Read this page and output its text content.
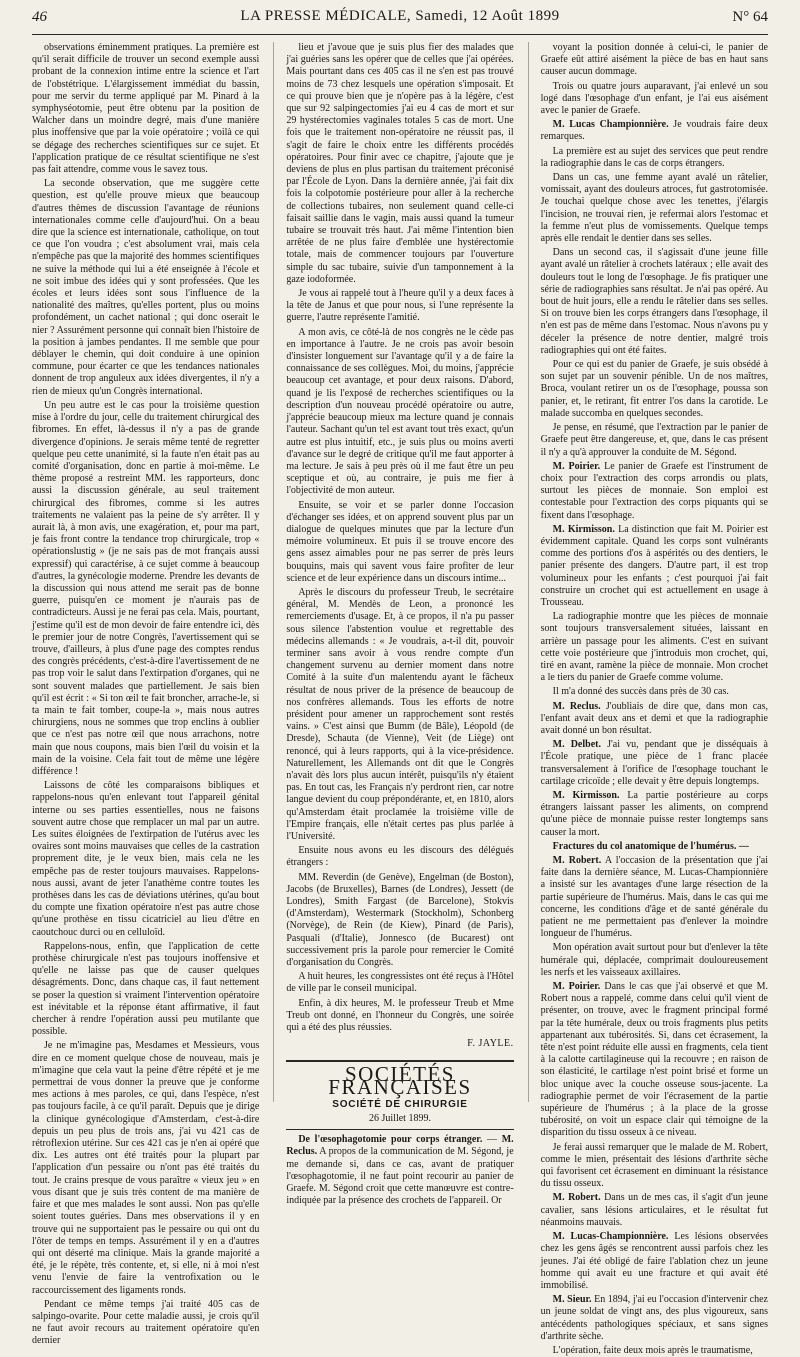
46	LA PRESSE MÉDICALE, Samedi, 12 Août 1899	N° 64

observations éminemment pratiques. La première est qu'il serait difficile de trouver un second exemple aussi probant de la connexion intime entre la science et l'art de l'obstétrique. L'élargissement immédiat du bassin, pour me servir du terme appliqué par M. Pinard à la symphyséotomie, peut être obtenu par la position de Walcher dans un moindre degré, mais d'une manière plus inoffensive que par la voie opératoire ; voilà ce qui se dégage des recherches scientifiques sur ce sujet. Et l'application pratique de ce résultat scientifique ne s'est pas fait attendre, comme vous le savez tous.

La seconde observation, que me suggère cette question, est qu'elle prouve mieux que beaucoup d'autres thèmes de discussion l'avantage de réunions internationales comme celle d'aujourd'hui. On a beau dire que la science est internationale, catholique, on tout ce que l'on voudra ; c'est absolument vrai, mais cela n'empêche pas que la majorité des hommes scientifiques ne suive la méthode qui lui a été enseignée à l'école et ne soit imbue des idées qui y sont professées. Que les écoles et leurs idées sont sous l'influence de la nationalité des maîtres, qu'elles portent, plus ou moins profondément, un cachet national ; qui donc oserait le nier ? Assurément personne qui connaît bien l'histoire de la position à jambes pendantes. Il me semble que pour déblayer le chemin, qui doit conduire à une opinion commune, pour écarter ce que les tendances nationales donnent de trop anguleux aux idées divergentes, il n'y a rien de mieux qu'un Congrès international.

Un peu autre est le cas pour la troisième question mise à l'ordre du jour, celle du traitement chirurgical des fibromes. En effet, là-dessus il n'y a pas de grande divergence d'opinions. Je serais même tenté de regretter quelque peu cette unanimité, si la faute n'en était pas au comité d'organisation, donc en partie à moi-même. Le thème proposé a restreint MM. les rapporteurs, donc aussi la discussion générale, au seul traitement chirurgical des fibromes, comme si les autres traitements ne valaient pas la peine de s'y arrêter. Il y aurait là, à mon avis, une exagération, et, pour ma part, je fais front contre la tendance trop chirurgicale, trop « opérationslustig » (je ne sais pas de mot français aussi expressif) qui caractérise, à ce sujet comme à beaucoup d'autres, la gynécologie moderne. Prendre les devants de la discussion qui nous attend me serait pas de bonne guerre, puisqu'en ce moment je n'aurais pas de contradicteurs. Aussi je ne ferai pas cela. Mais, pourtant, j'estime qu'il est de mon devoir de faire entendre ici, dès le premier jour de notre Congrès, l'avertissement qui se trouve, d'ailleurs, à plus d'une page des comptes rendus des congrès précédents, c'est-à-dire l'avertissement de ne pas trop voir le salut dans l'extirpation d'organes, qui ne sont souvent malades que partiellement. Je sais bien qu'il est écrit : « Si ton œil te fait broncher, arrache-le, si ta main te fait tomber, coupe-la », mais nous autres chirurgiens, nous ne sommes que trop enclins à oublier que ce n'est pas notre œil que nous arrachons, notre main que nous coupons, mais bien l'œil du voisin et la main de la voisine. Cela fait tout de même une légère différence !

Laissons de côté les comparaisons bibliques et rappelons-nous qu'en enlevant tout l'appareil génital interne ou ses parties essentielles, nous ne faisons souvent autre chose que remplacer un mal par un autre. Les suites éloignées de l'extirpation de l'utérus avec les ovaires sont moins mauvaises que celles de la castration proprement dite, je le veux bien, mais cela ne les empêche pas de rester toujours mauvaises. Rappelons-nous aussi, avant de jeter l'anathème contre toutes les prothèses dans les cas de déviations utérines, qu'au bout du compte une fixation opératoire n'est pas autre chose qu'une prothèse en tissu cicatriciel au lieu d'être en caoutchouc durci ou en celluloïd.

Rappelons-nous, enfin, que l'application de cette prothèse chirurgicale n'est pas toujours inoffensive et qu'elle ne laisse pas que de causer quelques désagréments. Donc, dans chaque cas, il faut nettement se poser la question si vraiment l'intervention opératoire est inévitable et la réponse étant affirmative, il faut chercher à rendre l'opération aussi peu mutilante que possible.

Je ne m'imagine pas, Mesdames et Messieurs, vous dire en ce moment quelque chose de nouveau, mais je m'imagine que cela vaut la peine d'être répété et je me permettrai de vous donner la preuve que je conforme mes actions à mes paroles, ce qui, dans l'espèce, n'est pas toujours facile, à ce qu'il paraît. Depuis que je dirige la clinique gynécologique d'Amsterdam, c'est-à-dire depuis un peu plus de trois ans, j'ai vu 421 cas de rétroflexion utérine. Sur ces 421 cas je n'en ai opéré que dix. Les autres ont été traités pour la plupart par l'application d'un pessaire ou n'ont pas été traités du tout. Je crains presque de vous paraître « vieux jeu » en vous disant que je suis très content de ma manière de faire et que mes malades le sont aussi. Non pas qu'elle soient toutes guéries. Dans mes observations il y en trouve qui ne supportaient pas le pessaire ou qui ont du l'ôter de temps en temps. Assurément il y en a d'autres qui ont déserté ma clinique. Mais la grande majorité a été, je le répète, très contente, et, si elle, ni à moi n'est venu l'envie de faire la ventrofixation ou le raccourcissement des ligaments ronds.

Pendant ce même temps j'ai traité 405 cas de salpingo-ovarite. Pour cette maladie aussi, je crois qu'il ne faut avoir recours au traitement opératoire qu'en dernier

lieu et j'avoue que je suis plus fier des malades que j'ai guéries sans les opérer que de celles que j'ai opérées. Mais pourtant dans ces 405 cas il ne s'en est pas trouvé moins de 73 chez lesquels une opération s'imposait. Et ce qui prouve bien que je n'opère pas à la légère, c'est que sur 92 salpingectomies j'ai eu 4 cas de mort et sur 29 hystérectomies vaginales totales 5 cas de mort. Une fois que le traitement non-opératoire ne réussit pas, il s'agit de faire le choix entre les différents procédés opératoires. Pour finir avec ce chapitre, j'ajoute que je deviens de plus en plus partisan du traitement préconisé par l'École de Lyon. Dans la dernière année, j'ai fait dix fois la colpotomie postérieure pour aller à la recherche de collections tubaires, non seulement quand celle-ci faisait saillie dans le vagin, mais aussi quand la tumeur tubaire se trouvait très haut. J'ai même l'intention bien arrêtée de ne plus faire d'emblée une hystérectomie totale, mais de commencer toujours par l'ouverture simple du sac tubaire, suivie d'un tamponnement à la gaze iodoformée.

Je vous ai rappelé tout à l'heure qu'il y a deux faces à la tête de Janus et que pour nous, si l'une représente la guerre, l'autre représente l'amitié.

A mon avis, ce côté-là de nos congrès ne le cède pas en importance à l'autre. Je ne crois pas avoir besoin d'insister longuement sur l'avantage qu'il y a de faire la connaissance de ses collègues. Moi, du moins, j'apprécie beaucoup cet avantage, et pour deux raisons. D'abord, quand je lis l'exposé de recherches scientifiques ou la description d'un nouveau procédé opératoire ou autre, j'apprécie beaucoup mieux ma lecture quand je connais l'auteur. Sachant qu'un tel est avant tout très exact, qu'un autre est plus intuitif, etc., je suis plus ou moins averti d'avance sur le degré de critique qu'il me faut apporter à ma lecture. Je sais à peu près où il me faut être un peu sceptique et où, au contraire, je puis me fier à l'objectivité de mon auteur.

Ensuite, se voir et se parler donne l'occasion d'échanger ses idées, et on apprend souvent plus par un dialogue de quelques minutes que par la lecture d'un mémoire volumineux. Et puis il se trouve encore des gens assez aimables pour ne pas serrer de près leurs bouquins, mais qui savent vous faire profiter de leur science et de leur expérience dans un discours intime...

Après le discours du professeur Treub, le secrétaire général, M. Mendès de Leon, a prononcé les remerciements d'usage. Et, à ce propos, il n'a pu passer sous silence l'abstention voulue et regrettable des médecins allemands : « Je voudrais, a-t-il dit, pouvoir terminer sans avoir à vous rendre compte d'un changement survenu au dernier moment dans notre Comité à la suite d'un malentendu ayant le fâcheux résultat de nous priver de la présence de beaucoup de nos confrères allemands. Tous les efforts de notre président pour amener un rapprochement sont restés vains. » C'est ainsi que Bumm (de Bâle), Léopold (de Dresde), Schauta (de Vienne), Veit (de Liège) ont renoncé, qui à leurs rapports, qui à la vice-présidence. Naturellement, les Allemands ont dit que le Congrès n'avait dès lors plus aucun intérêt, puisqu'ils n'y étaient pas. En tout cas, les Français n'y perdront rien, car notre langue devient du coup prépondérante, et, en 1810, alors qu'Amsterdam était proclamée la troisième ville de l'Empire français, elle n'était certes pas plus parlée à l'Université.

Ensuite nous avons eu les discours des délégués étrangers :

MM. Reverdin (de Genève), Engelman (de Boston), Jacobs (de Bruxelles), Barnes (de Londres), Jessett (de Londres), Smith Fargast (de Barcelone), Stokvis (d'Amsterdam), Westermark (Stockholm), Schonberg (Norvège), de Rein (de Kiew), Pinard (de Paris), Pasquali (d'Italie), Jonnesco (de Bucarest) ont successivement pris la parole pour remercier le Comité d'organisation du Congrès.

A huit heures, les congressistes ont été reçus à l'Hôtel de ville par le conseil municipal.

Enfin, à dix heures, M. le professeur Treub et Mme Treub ont donné, en l'honneur du Congrès, une soirée qui a été des plus réussies.

F. JAYLE.
SOCIÉTÉS FRANÇAISES
SOCIÉTÉ DE CHIRURGIE
26 Juillet 1899.

De l'œsophagotomie pour corps étranger. — M. Reclus. A propos de la communication de M. Ségond, je me demande si, dans ce cas, avant de pratiquer l'œsophagotomie, il ne faut point recourir au panier de Graefe. M. Ségond croit que cette manœuvre est contre-indiquée par la présence des crochets de l'appareil. Or

voyant la position donnée à celui-ci, le panier de Graefe eût attiré aisément la pièce de bas en haut sans causer aucun dommage.

Trois ou quatre jours auparavant, j'ai enlevé un sou logé dans l'œsophage d'un enfant, je l'ai eus aisément avec le panier de Graefe.

M. Lucas Championnière. Je voudrais faire deux remarques.

La première est au sujet des services que peut rendre la radiographie dans le cas de corps étrangers.

Dans un cas, une femme ayant avalé un râtelier, vomissait, ayant des douleurs atroces, fut gastrotomisée. Je touchai quelque chose avec les tenettes, j'élargis l'incision, ne trouvai rien, je refermai alors l'estomac et la femme n'eut plus de vomissements. Quelque temps après elle rendait le dentier dans ses selles.

Dans un second cas, il s'agissait d'une jeune fille ayant avalé un râtelier à crochets latéraux ; elle avait des douleurs tout le long de l'œsophage. Je fis pratiquer une série de radiographies sans résultat. Je n'ai pas opéré. Au bout de huit jours, elle a rendu le râtelier dans ses selles. Si on trouve bien les corps étrangers dans l'œsophage, il n'en est pas de même dans l'estomac. Nous n'avons pu y déceler la présence de notre dentier, malgré trois radiographies qui ont été faites.

Pour ce qui est du panier de Graefe, je suis obsédé à son sujet par un souvenir pénible. Un de nos maîtres, Broca, voulant retirer un os de l'œsophage, poussa son panier, et, le retirant, fit entrer l'os dans la carotide. Le malade succomba en quelques secondes.

Je pense, en résumé, que l'extraction par le panier de Graefe peut être dangereuse, et, que, dans le cas présent il n'y a qu'à approuver la conduite de M. Ségond.

M. Poirier. Le panier de Graefe est l'instrument de choix pour l'extraction des corps arrondis ou plats, surtout les pièces de monnaie. Son emploi est contestable pour l'extraction des corps piquants qui se fixent dans l'œsophage.

M. Kirmisson. La distinction que fait M. Poirier est évidemment capitale. Quand les corps sont vulnérants comme des portions d'os à aspérités ou des dentiers, le panier présente des dangers. D'autre part, il est trop volumineux pour les enfants ; c'est pourquoi j'ai fait construire un crochet qui est actuellement en usage à Trousseau.

La radiographie montre que les pièces de monnaie sont toujours transversalement situées, laissant en arrière un passage pour les aliments. C'est en suivant cette voie postérieure que j'introduis mon crochet, qui, tiré en avant, ramène la pièce de monnaie. Mon crochet a le tiers du panier de Graefe comme volume.

Il m'a donné des succès dans près de 30 cas.

M. Reclus. J'oubliais de dire que, dans mon cas, l'enfant avait deux ans et demi et que la radiographie avait donné un bon résultat.

M. Delbet. J'ai vu, pendant que je disséquais à l'École pratique, une pièce de 1 franc placée transversalement à l'orifice de l'œsophage touchant le cartilage cricoïde ; elle devait y être depuis longtemps.

M. Kirmisson. La partie postérieure au corps étrangers laissant passer les aliments, on comprend qu'une pièce de monnaie puisse rester longtemps sans causer la mort.

Fractures du col anatomique de l'humérus. —

M. Robert. A l'occasion de la présentation que j'ai faite dans la dernière séance, M. Lucas-Championnière a insisté sur les avantages d'une large résection de la partie supérieure de l'humérus. Mais, dans le cas qui me concerne, les conditions d'âge et de santé générale du patient ne me permettaient pas d'enlever la moindre longueur de l'humérus.

Mon opération avait surtout pour but d'enlever la tête humérale qui, déplacée, comprimait douloureusement les nerfs et les vaisseaux axillaires.

M. Poirier. Dans le cas que j'ai observé et que M. Robert nous a rappelé, comme dans celui qu'il vient de présenter, on trouve, avec le fragment principal formé par la tête humérale, deux ou trois fragments plus petits appartenant aux tubérosités. Si, dans cet écrasement, la tête n'est point réduite elle aussi en fragments, cela tient à la calotte cartilagineuse qui la recouvre ; en raison de son élasticité, le cartilage n'est point brisé et forme un bloc unique avec la couche osseuse sous-jacente. La radiographie permet de voir l'écrasement de la partie supérieure de l'humérus ; à la place de la grosse tubérosité, on voit un espace clair qui témoigne de la disparition du tissu osseux à ce niveau.

Je ferai aussi remarquer que le malade de M. Robert, comme le mien, présentait des lésions d'arthrite sèche qui favorisent cet écrasement en diminuant la résistance du tissu osseux.

M. Robert. Dans un de mes cas, il s'agit d'un jeune cavalier, sans lésions articulaires, et le résultat fut néanmoins mauvais.

M. Lucas-Championnière. Les lésions observées chez les gens âgés se rencontrent aussi parfois chez les jeunes. J'ai été obligé de faire l'ablation chez un jeune homme qui avait eu une fracture et qui avait été immobilisé.

M. Sieur. En 1894, j'ai eu l'occasion d'intervenir chez un jeune soldat de vingt ans, des plus vigoureux, sans antécédents pathologiques spéciaux, et sans signes d'arthrite sèche.

L'opération, faite deux mois après le traumatisme,
